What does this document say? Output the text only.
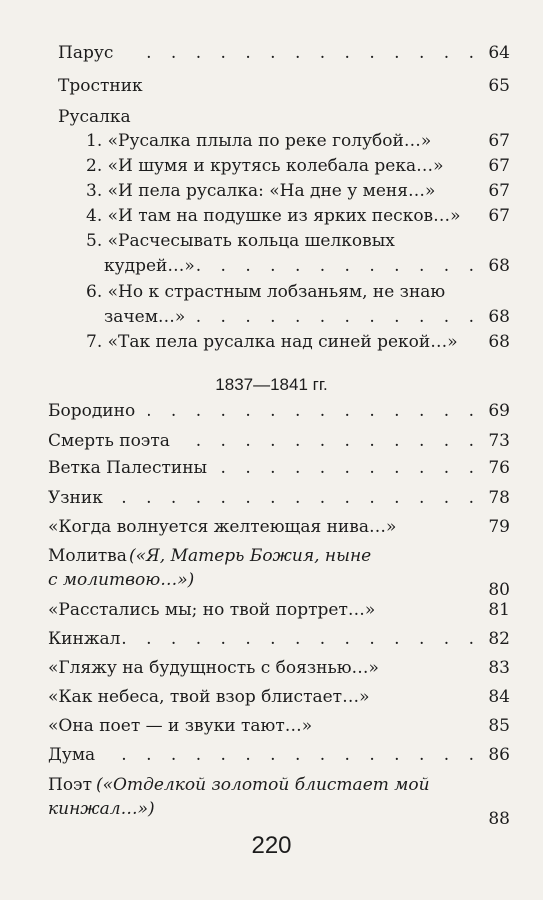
Парус . . .	64
Тростник	65
Русалка
1. «Русалка плыла по реке голубой…»	67
2. «И шумя и крутясь колебала река…»	67
3. «И пела русалка: «На дне у меня…»	67
4. «И там на подушке из ярких песков…» 67
5. «Расчесывать кольца шелковых
кудрей…» . . .	68
6. «Но к страстным лобзаньям, не знаю
зачем…» . . .	68
7. «Так пела русалка над синей рекой…» 68
1837—1841 гг.
Бородино . . .	69
Смерть поэта . . .	73
Ветка Палестины . . .	76
Узник . . .	78
«Когда волнуется желтеющая нива…»	79
Молитва («Я, Матерь Божия, ныне
с молитвою…»)	80
«Расстались мы; но твой портрет…»	81
Кинжал . . .	82
«Гляжу на будущность с боязнью…»	83
«Как небеса, твой взор блистает…»	84
«Она поет — и звуки тают…»	85
Дума . . .	86
Поэт («Отделкой золотой блистает мой
кинжал…»)	88
220
